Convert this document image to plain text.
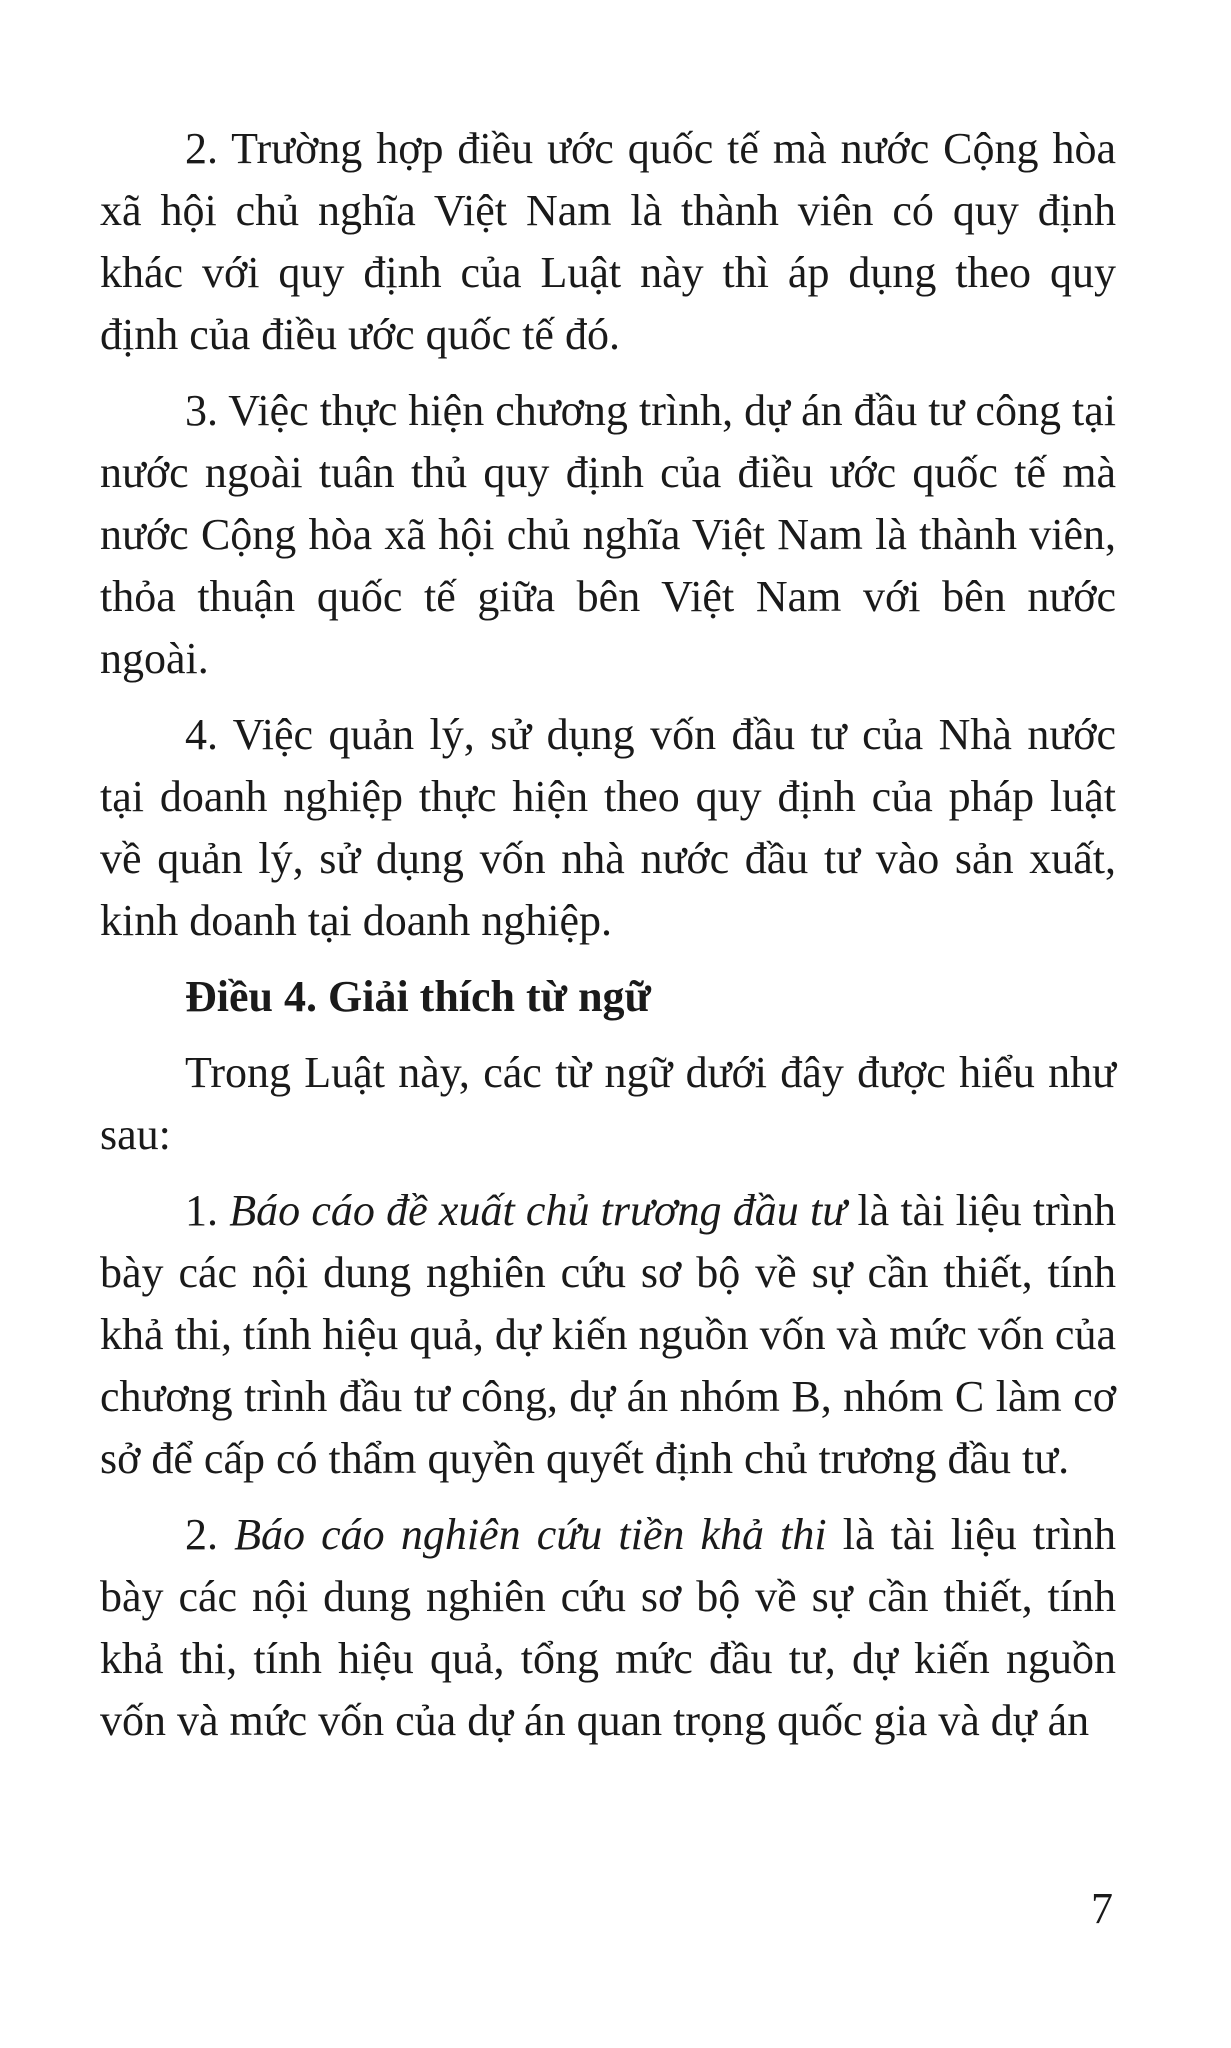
2. Trường hợp điều ước quốc tế mà nước Cộng hòa xã hội chủ nghĩa Việt Nam là thành viên có quy định khác với quy định của Luật này thì áp dụng theo quy định của điều ước quốc tế đó.

3. Việc thực hiện chương trình, dự án đầu tư công tại nước ngoài tuân thủ quy định của điều ước quốc tế mà nước Cộng hòa xã hội chủ nghĩa Việt Nam là thành viên, thỏa thuận quốc tế giữa bên Việt Nam với bên nước ngoài.

4. Việc quản lý, sử dụng vốn đầu tư của Nhà nước tại doanh nghiệp thực hiện theo quy định của pháp luật về quản lý, sử dụng vốn nhà nước đầu tư vào sản xuất, kinh doanh tại doanh nghiệp.

Điều 4. Giải thích từ ngữ

Trong Luật này, các từ ngữ dưới đây được hiểu như sau:

1. Báo cáo đề xuất chủ trương đầu tư là tài liệu trình bày các nội dung nghiên cứu sơ bộ về sự cần thiết, tính khả thi, tính hiệu quả, dự kiến nguồn vốn và mức vốn của chương trình đầu tư công, dự án nhóm B, nhóm C làm cơ sở để cấp có thẩm quyền quyết định chủ trương đầu tư.

2. Báo cáo nghiên cứu tiền khả thi là tài liệu trình bày các nội dung nghiên cứu sơ bộ về sự cần thiết, tính khả thi, tính hiệu quả, tổng mức đầu tư, dự kiến nguồn vốn và mức vốn của dự án quan trọng quốc gia và dự án

7
